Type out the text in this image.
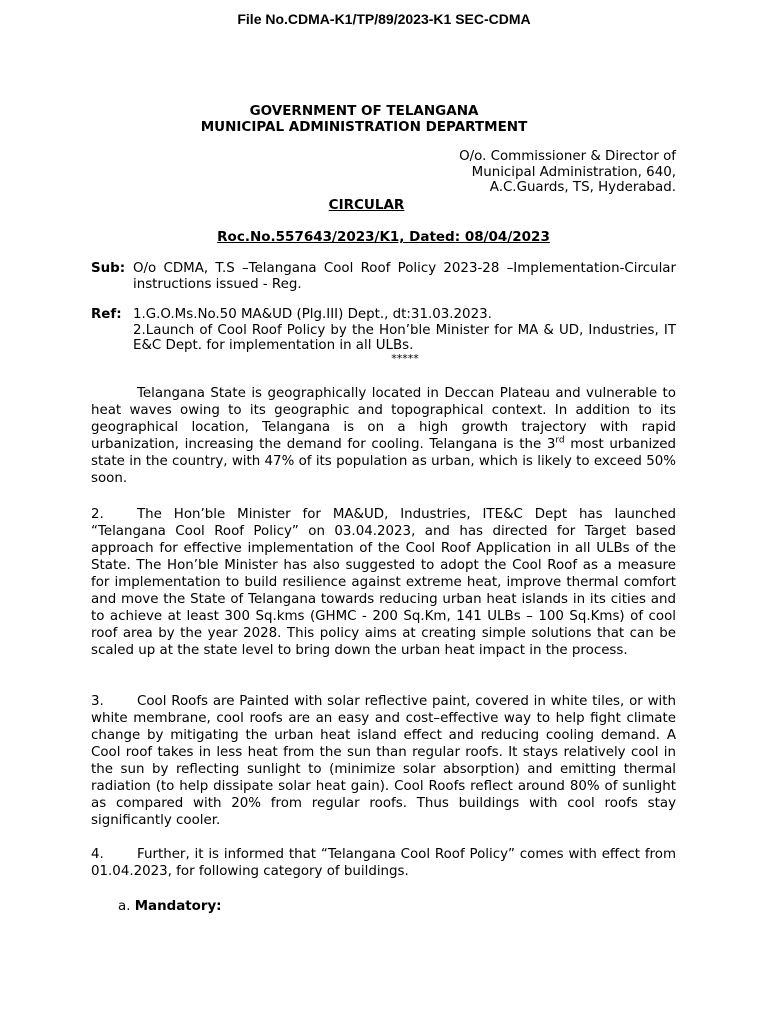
File No.CDMA-K1/TP/89/2023-K1 SEC-CDMA
GOVERNMENT OF TELANGANA
MUNICIPAL ADMINISTRATION DEPARTMENT
O/o. Commissioner & Director of
Municipal Administration, 640,
A.C.Guards, TS, Hyderabad.
CIRCULAR
Roc.No.557643/2023/K1, Dated: 08/04/2023
Sub: O/o CDMA, T.S –Telangana Cool Roof Policy 2023-28 –Implementation-Circular instructions issued - Reg.
Ref: 1.G.O.Ms.No.50 MA&UD (Plg.III) Dept., dt:31.03.2023.
2.Launch of Cool Roof Policy by the Hon’ble Minister for MA & UD, Industries, IT E&C Dept. for implementation in all ULBs.
*****

Telangana State is geographically located in Deccan Plateau and vulnerable to heat waves owing to its geographic and topographical context. In addition to its geographical location, Telangana is on a high growth trajectory with rapid urbanization, increasing the demand for cooling. Telangana is the 3rd most urbanized state in the country, with 47% of its population as urban, which is likely to exceed 50% soon.

2. The Hon’ble Minister for MA&UD, Industries, ITE&C Dept has launched “Telangana Cool Roof Policy” on 03.04.2023, and has directed for Target based approach for effective implementation of the Cool Roof Application in all ULBs of the State. The Hon’ble Minister has also suggested to adopt the Cool Roof as a measure for implementation to build resilience against extreme heat, improve thermal comfort and move the State of Telangana towards reducing urban heat islands in its cities and to achieve at least 300 Sq.kms (GHMC - 200 Sq.Km, 141 ULBs – 100 Sq.Kms) of cool roof area by the year 2028. This policy aims at creating simple solutions that can be scaled up at the state level to bring down the urban heat impact in the process.

3. Cool Roofs are Painted with solar reflective paint, covered in white tiles, or with white membrane, cool roofs are an easy and cost–effective way to help fight climate change by mitigating the urban heat island effect and reducing cooling demand. A Cool roof takes in less heat from the sun than regular roofs. It stays relatively cool in the sun by reflecting sunlight to (minimize solar absorption) and emitting thermal radiation (to help dissipate solar heat gain). Cool Roofs reflect around 80% of sunlight as compared with 20% from regular roofs. Thus buildings with cool roofs stay significantly cooler.

4. Further, it is informed that “Telangana Cool Roof Policy” comes with effect from 01.04.2023, for following category of buildings.

a. Mandatory:
